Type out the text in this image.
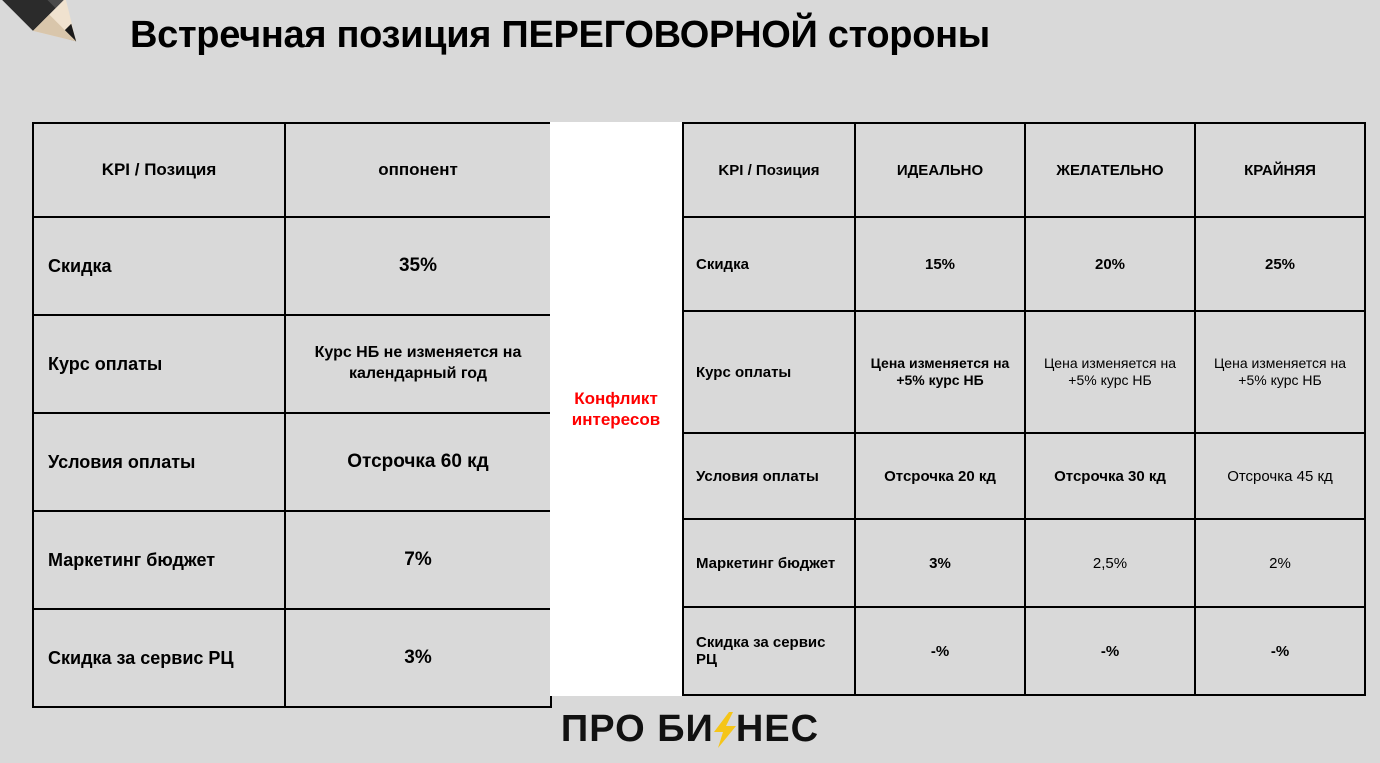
Встречная позиция ПЕРЕГОВОРНОЙ стороны
KPI / Позиция	оппонент
Скидка	35%
Курс оплаты	Курс НБ не изменяется на календарный год
Условия оплаты	Отсрочка 60 кд
Маркетинг бюджет	7%
Скидка за сервис РЦ	3%
Конфликт
интересов
KPI / Позиция	ИДЕАЛЬНО	ЖЕЛАТЕЛЬНО	КРАЙНЯЯ
Скидка	15%	20%	25%
Курс оплаты	Цена изменяется на +5% курс НБ	Цена изменяется на +5% курс НБ	Цена изменяется на +5% курс НБ
Условия оплаты	Отсрочка 20 кд	Отсрочка 30 кд	Отсрочка 45 кд
Маркетинг бюджет	3%	2,5%	2%
Скидка за сервис РЦ	-%	-%	-%
ПРО БИ НЕС
